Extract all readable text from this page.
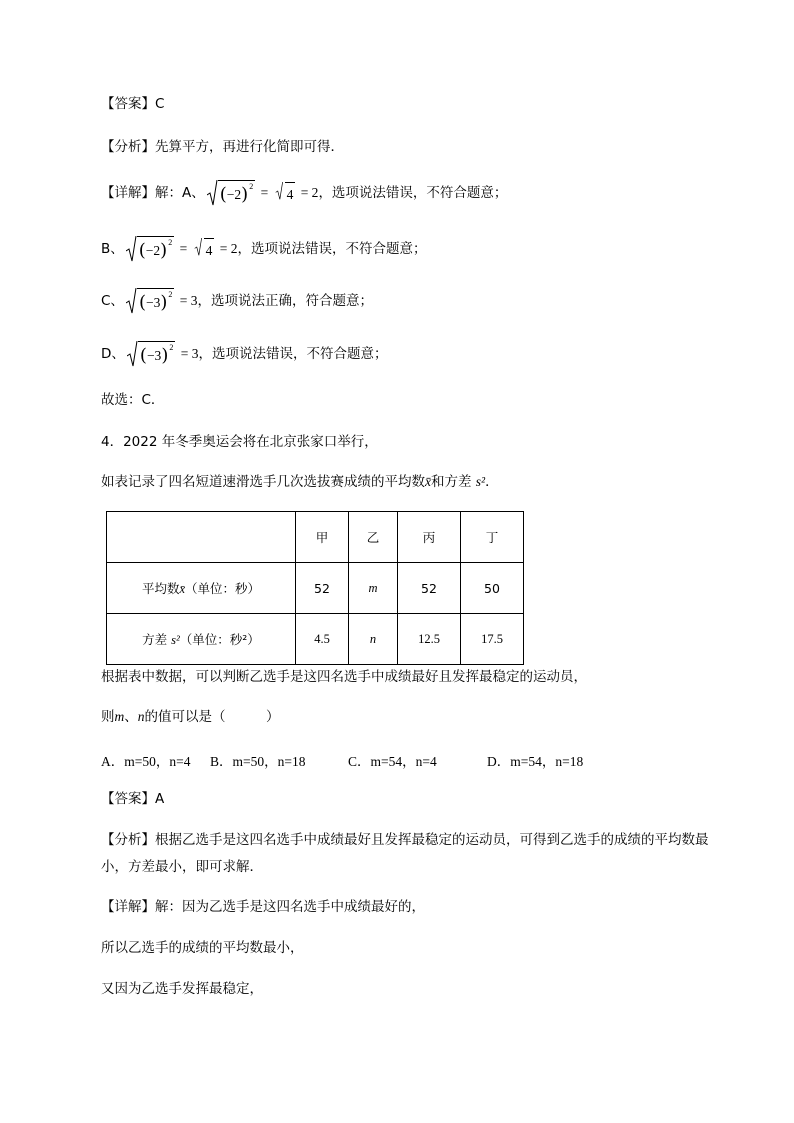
【答案】C
【分析】先算平方，再进行化简即可得．
【详解】解：A、 ( −2 ) 2 = 4 = 2 ，选项说法错误，不符合题意；
B、 ( −2 ) 2 = 4 = 2 ，选项说法错误，不符合题意；
C、 ( −3 ) 2 = 3 ，选项说法正确，符合题意；
D、 ( −3 ) 2 = 3 ，选项说法错误，不符合题意；
故选：C．
4．2022 年冬季奥运会将在北京张家口举行，
如表记录了四名短道速滑选手几次选拔赛成绩的平均数x̄和方差 s²．
	甲	乙	丙	丁
平均数x̄（单位：秒）	52	m	52	50
方差 s²（单位：秒²）	4.5	n	12.5	17.5
根据表中数据，可以判断乙选手是这四名选手中成绩最好且发挥最稳定的运动员，
则m、n的值可以是（　　　）
A．m=50，n=4 B．m=50，n=18	C．m=54，n=4	D．m=54，n=18
【答案】A
【分析】根据乙选手是这四名选手中成绩最好且发挥最稳定的运动员，可得到乙选手的成绩的平均数最
小，方差最小，即可求解．
【详解】解：因为乙选手是这四名选手中成绩最好的，
所以乙选手的成绩的平均数最小，
又因为乙选手发挥最稳定，
